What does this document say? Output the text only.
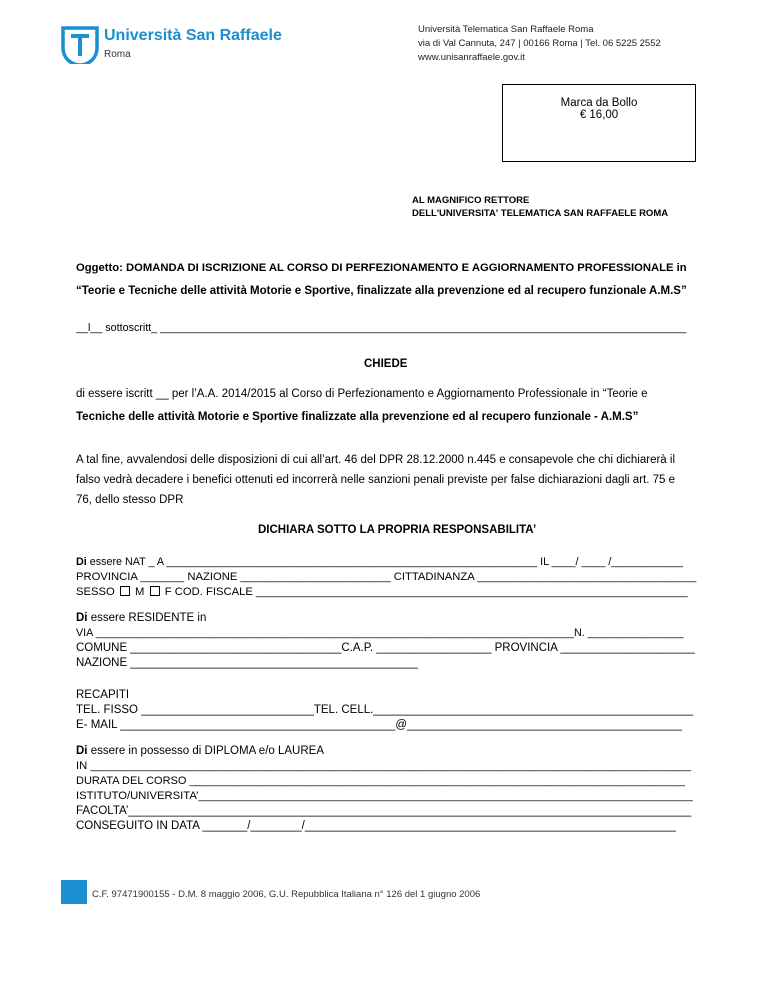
Università San Raffaele
Roma
Università Telematica San Raffaele Roma
via di Val Cannuta, 247 | 00166 Roma | Tel. 06 5225 2552
www.unisanraffaele.gov.it
Marca da Bollo
€ 16,00
AL MAGNIFICO RETTORE
DELL'UNIVERSITA' TELEMATICA SAN RAFFAELE ROMA
Oggetto: DOMANDA DI ISCRIZIONE AL CORSO DI PERFEZIONAMENTO E AGGIORNAMENTO PROFESSIONALE in
“Teorie e Tecniche delle attività Motorie e Sportive, finalizzate alla prevenzione ed al recupero funzionale A.M.S”
__l__ sottoscritt_ ________________________________________________________________________________________
CHIEDE
di essere iscritt __ per l’A.A. 2014/2015 al Corso di Perfezionamento e Aggiornamento Professionale in “Teorie e
Tecniche delle attività Motorie e Sportive finalizzate alla prevenzione ed al recupero funzionale - A.M.S”
A tal fine, avvalendosi delle disposizioni di cui all’art. 46 del DPR 28.12.2000 n.445 e consapevole che chi dichiarerà il
falso vedrà decadere i benefici ottenuti ed incorrerà nelle sanzioni penali previste per false dichiarazioni dagli art. 75 e
76, dello stesso DPR
DICHIARA SOTTO LA PROPRIA RESPONSABILITA’
Di essere NAT _ A ______________________________________________________________ IL ____/ ____ /____________
PROVINCIA _______ NAZIONE ________________________ CITTADINANZA ___________________________________
SESSO M F COD. FISCALE _____________________________________________________________________
Di essere RESIDENTE in
VIA ________________________________________________________________________________N. ________________
COMUNE _________________________________C.A.P. __________________ PROVINCIA _____________________
NAZIONE _____________________________________________
RECAPITI
TEL. FISSO ___________________________TEL. CELL.__________________________________________________
E- MAIL ___________________________________________@___________________________________________
Di essere in possesso di DIPLOMA e/o LAUREA
IN ________________________________________________________________________________________________
DURATA DEL CORSO _________________________________________________________________________________
ISTITUTO/UNIVERSITA’_______________________________________________________________________________
FACOLTA’________________________________________________________________________________________
CONSEGUITO IN DATA _______/________/__________________________________________________________
C.F. 97471900155 - D.M. 8 maggio 2006, G.U. Repubblica Italiana n° 126 del 1 giugno 2006
